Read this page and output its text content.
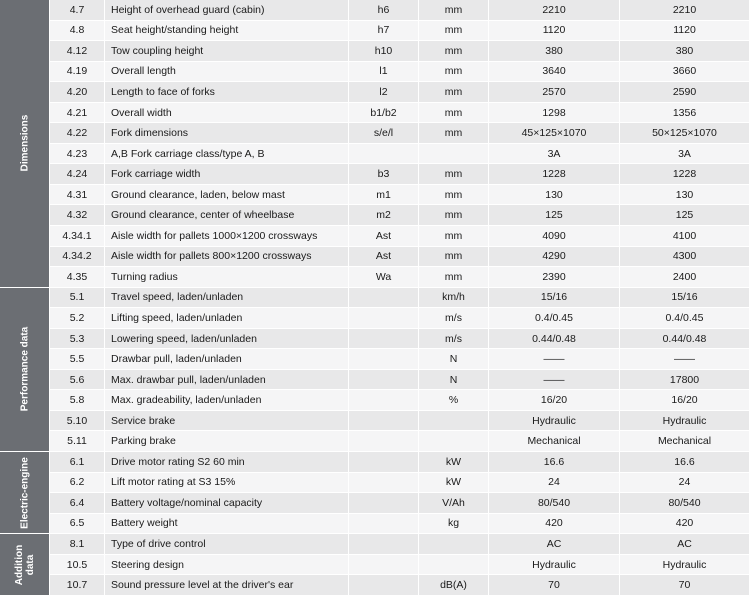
Dimensions	4.7	Height of overhead guard (cabin)	h6	mm	2210	2210
	4.8	Seat height/standing height	h7	mm	1120	1120
	4.12	Tow coupling height	h10	mm	380	380
	4.19	Overall length	l1	mm	3640	3660
	4.20	Length to face of forks	l2	mm	2570	2590
	4.21	Overall width	b1/b2	mm	1298	1356
	4.22	Fork dimensions	s/e/l	mm	45×125×1070	50×125×1070
	4.23	A,B Fork carriage class/type A, B			3A	3A
	4.24	Fork carriage width	b3	mm	1228	1228
	4.31	Ground clearance, laden, below mast	m1	mm	130	130
	4.32	Ground clearance, center of wheelbase	m2	mm	125	125
	4.34.1	Aisle width for pallets 1000×1200 crossways	Ast	mm	4090	4100
	4.34.2	Aisle width for pallets 800×1200 crossways	Ast	mm	4290	4300
	4.35	Turning radius	Wa	mm	2390	2400

Performance data	5.1	Travel speed, laden/unladen		km/h	15/16	15/16
	5.2	Lifting speed, laden/unladen		m/s	0.4/0.45	0.4/0.45
	5.3	Lowering speed, laden/unladen		m/s	0.44/0.48	0.44/0.48
	5.5	Drawbar pull, laden/unladen		N	——	——
	5.6	Max. drawbar pull, laden/unladen		N	——	17800
	5.8	Max. gradeability, laden/unladen		%	16/20	16/20
	5.10	Service brake			Hydraulic	Hydraulic
	5.11	Parking brake			Mechanical	Mechanical

Electric-engine	6.1	Drive motor rating S2 60 min		kW	16.6	16.6
	6.2	Lift motor rating at S3 15%		kW	24	24
	6.4	Battery voltage/nominal capacity		V/Ah	80/540	80/540
	6.5	Battery weight		kg	420	420

Addition data	8.1	Type of drive control			AC	AC
	10.5	Steering design			Hydraulic	Hydraulic
	10.7	Sound pressure level at the driver's ear		dB(A)	70	70
